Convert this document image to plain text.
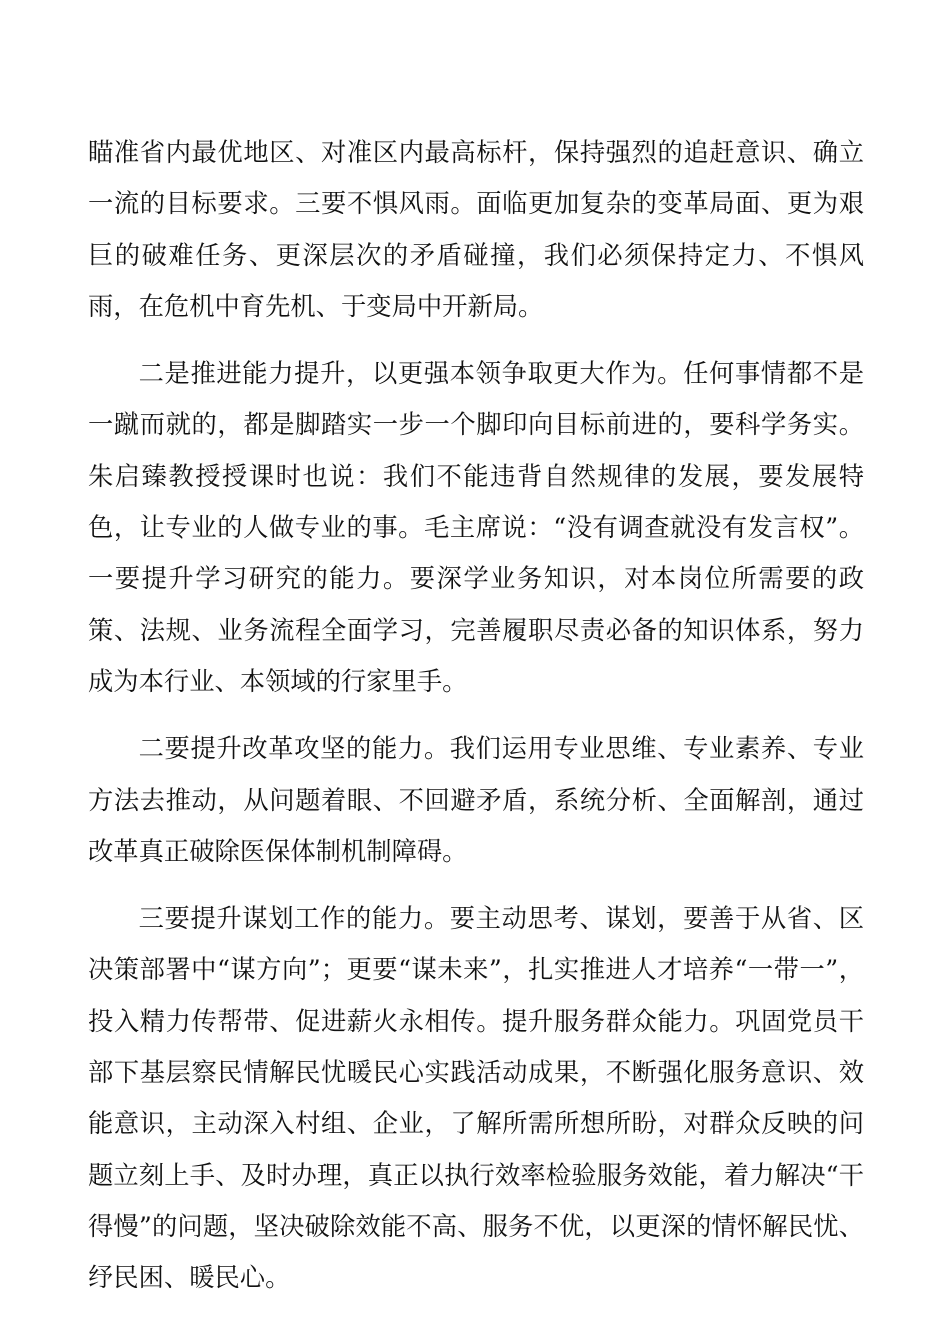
瞄准省内最优地区、对准区内最高标杆，保持强烈的追赶意识、确立一流的目标要求。三要不惧风雨。面临更加复杂的变革局面、更为艰巨的破难任务、更深层次的矛盾碰撞，我们必须保持定力、不惧风雨，在危机中育先机、于变局中开新局。

二是推进能力提升，以更强本领争取更大作为。任何事情都不是一蹴而就的，都是脚踏实一步一个脚印向目标前进的，要科学务实。朱启臻教授授课时也说：我们不能违背自然规律的发展，要发展特色，让专业的人做专业的事。毛主席说：“没有调查就没有发言权”。一要提升学习研究的能力。要深学业务知识，对本岗位所需要的政策、法规、业务流程全面学习，完善履职尽责必备的知识体系，努力成为本行业、本领域的行家里手。

二要提升改革攻坚的能力。我们运用专业思维、专业素养、专业方法去推动，从问题着眼、不回避矛盾，系统分析、全面解剖，通过改革真正破除医保体制机制障碍。

三要提升谋划工作的能力。要主动思考、谋划，要善于从省、区决策部署中“谋方向”；更要“谋未来”，扎实推进人才培养“一带一”，投入精力传帮带、促进薪火永相传。提升服务群众能力。巩固党员干部下基层察民情解民忧暖民心实践活动成果，不断强化服务意识、效能意识，主动深入村组、企业，了解所需所想所盼，对群众反映的问题立刻上手、及时办理，真正以执行效率检验服务效能，着力解决“干得慢”的问题，坚决破除效能不高、服务不优，以更深的情怀解民忧、纾民困、暖民心。
